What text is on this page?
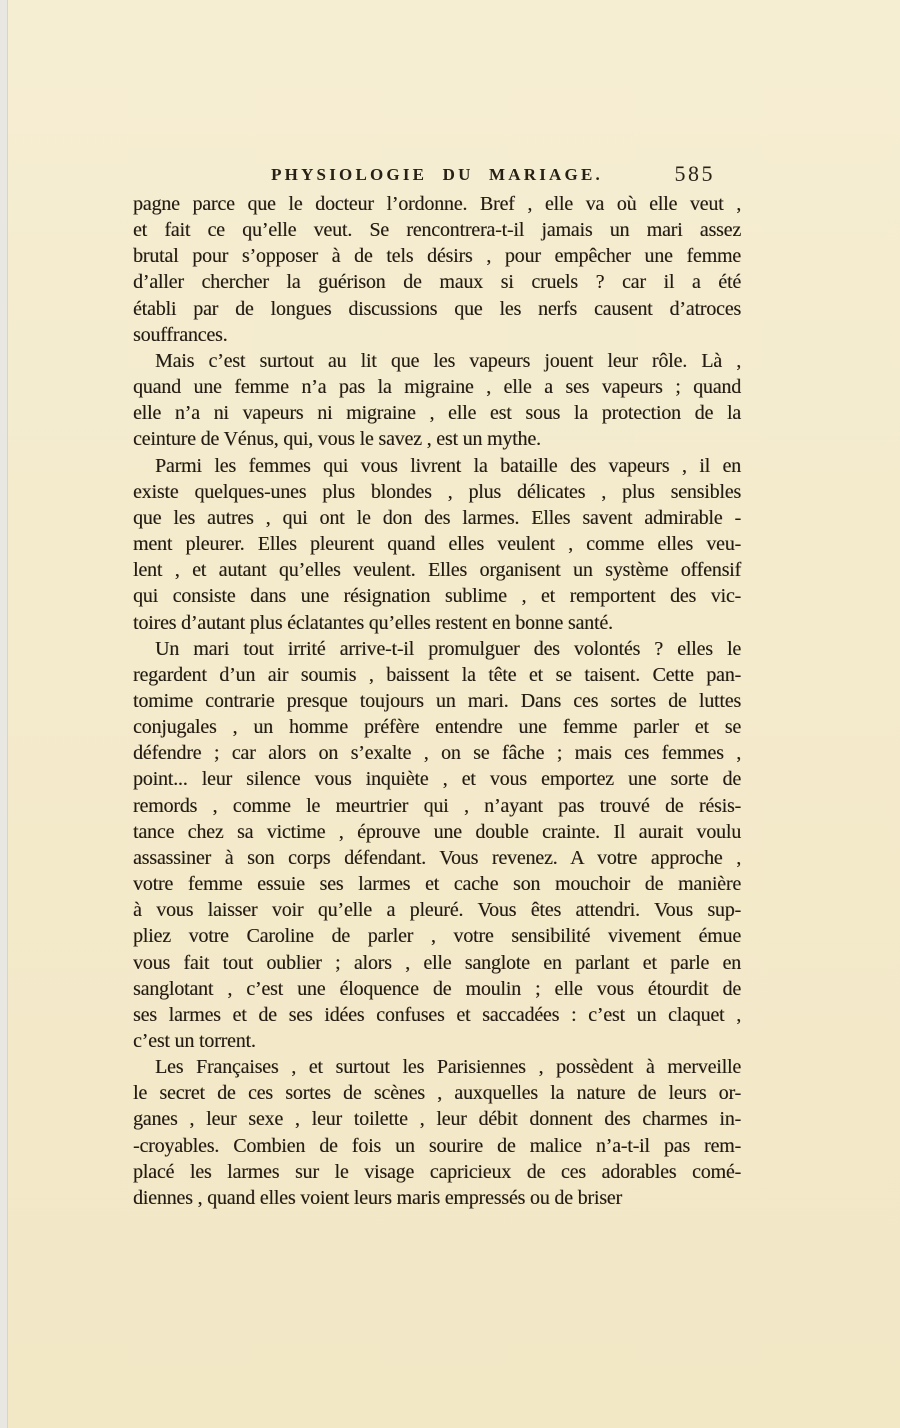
PHYSIOLOGIE DU MARIAGE.	585
pagne parce que le docteur l’ordonne. Bref , elle va où elle veut ,
et fait ce qu’elle veut. Se rencontrera-t-il jamais un mari assez
brutal pour s’opposer à de tels désirs , pour empêcher une femme
d’aller chercher la guérison de maux si cruels ? car il a été
établi par de longues discussions que les nerfs causent d’atroces
souffrances.
Mais c’est surtout au lit que les vapeurs jouent leur rôle. Là ,
quand une femme n’a pas la migraine , elle a ses vapeurs ; quand
elle n’a ni vapeurs ni migraine , elle est sous la protection de la
ceinture de Vénus, qui, vous le savez , est un mythe.
Parmi les femmes qui vous livrent la bataille des vapeurs , il en
existe quelques-unes plus blondes , plus délicates , plus sensibles
que les autres , qui ont le don des larmes. Elles savent admirable -
ment pleurer. Elles pleurent quand elles veulent , comme elles veu-
lent , et autant qu’elles veulent. Elles organisent un système offensif
qui consiste dans une résignation sublime , et remportent des vic-
toires d’autant plus éclatantes qu’elles restent en bonne santé.
Un mari tout irrité arrive-t-il promulguer des volontés ? elles le
regardent d’un air soumis , baissent la tête et se taisent. Cette pan-
tomime contrarie presque toujours un mari. Dans ces sortes de luttes
conjugales , un homme préfère entendre une femme parler et se
défendre ; car alors on s’exalte , on se fâche ; mais ces femmes ,
point... leur silence vous inquiète , et vous emportez une sorte de
remords , comme le meurtrier qui , n’ayant pas trouvé de résis-
tance chez sa victime , éprouve une double crainte. Il aurait voulu
assassiner à son corps défendant. Vous revenez. A votre approche ,
votre femme essuie ses larmes et cache son mouchoir de manière
à vous laisser voir qu’elle a pleuré. Vous êtes attendri. Vous sup-
pliez votre Caroline de parler , votre sensibilité vivement émue
vous fait tout oublier ; alors , elle sanglote en parlant et parle en
sanglotant , c’est une éloquence de moulin ; elle vous étourdit de
ses larmes et de ses idées confuses et saccadées : c’est un claquet ,
c’est un torrent.
Les Françaises , et surtout les Parisiennes , possèdent à merveille
le secret de ces sortes de scènes , auxquelles la nature de leurs or-
ganes , leur sexe , leur toilette , leur débit donnent des charmes in-
-croyables. Combien de fois un sourire de malice n’a-t-il pas rem-
placé les larmes sur le visage capricieux de ces adorables comé-
diennes , quand elles voient leurs maris empressés ou de briser
